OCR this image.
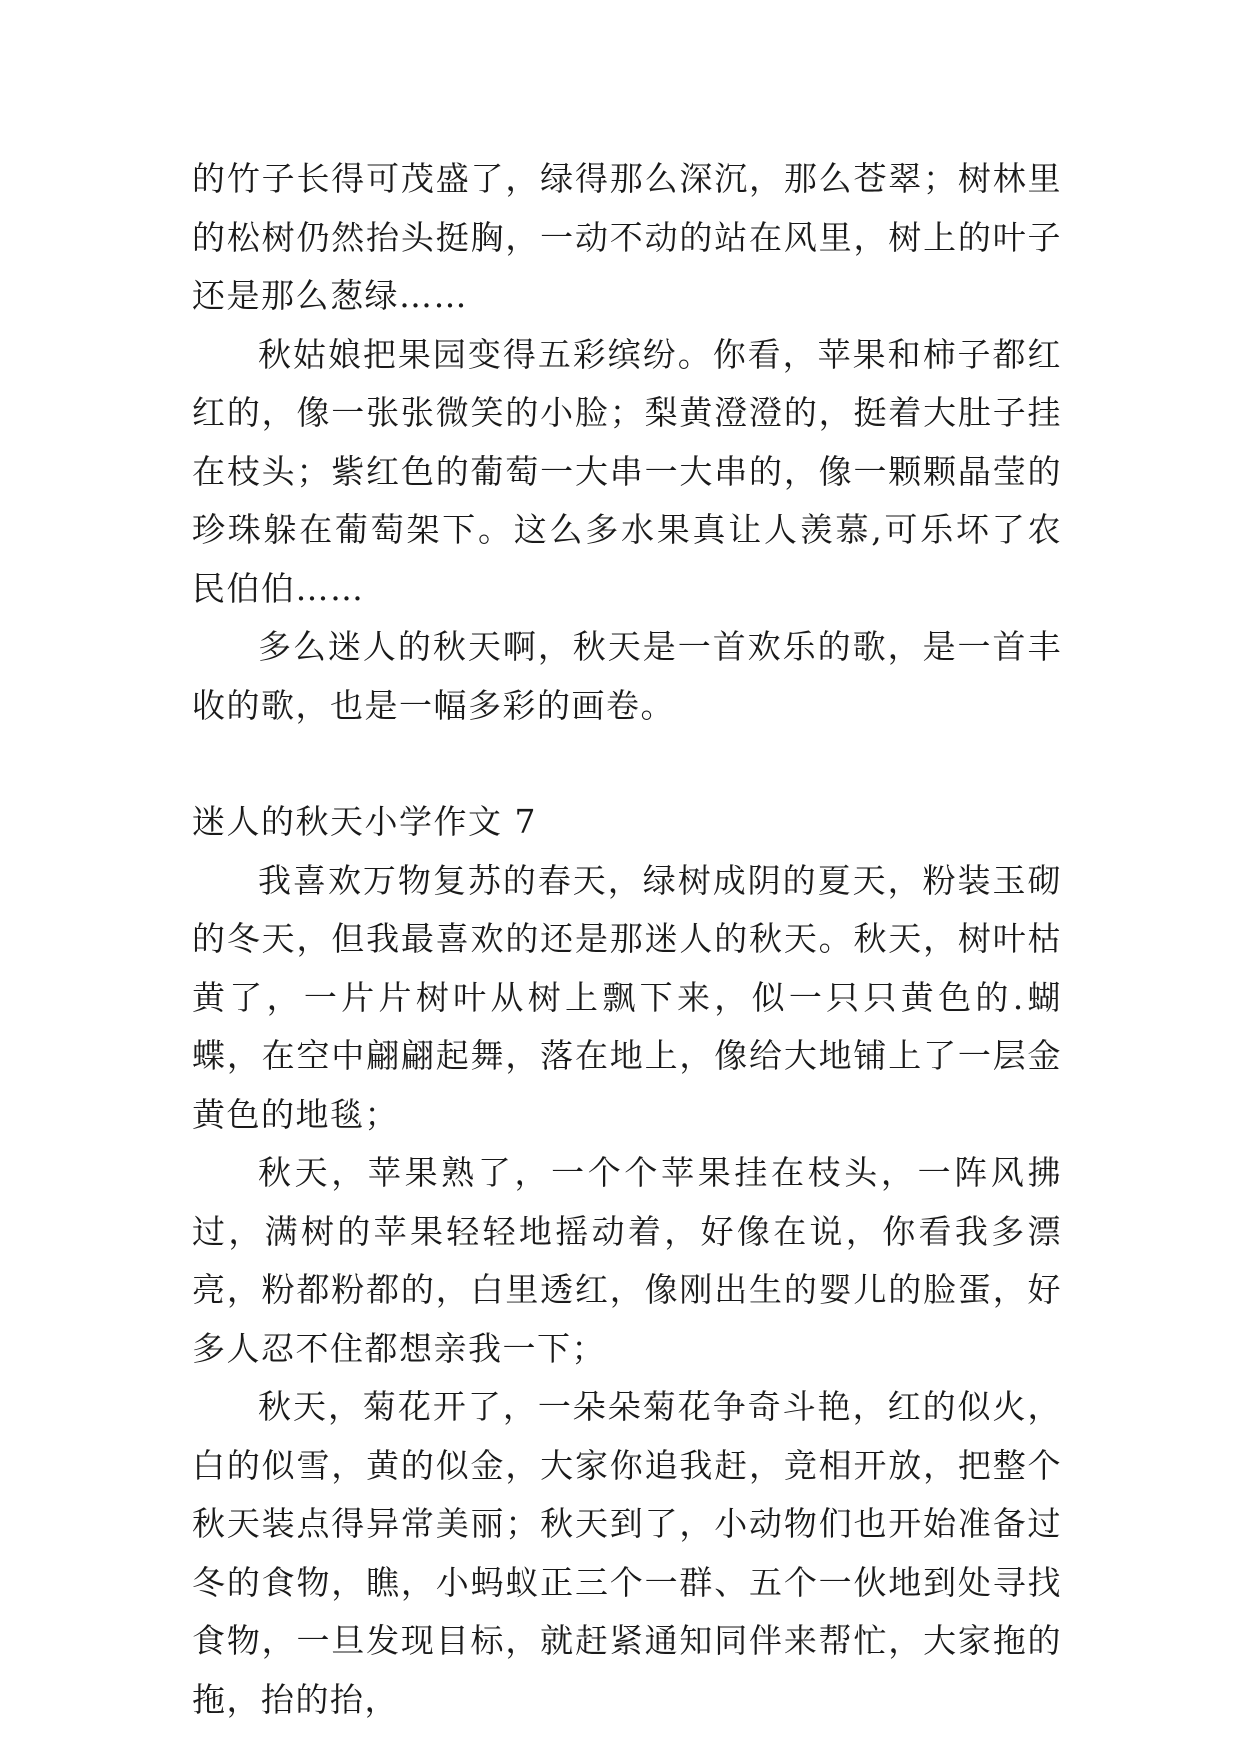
的竹子长得可茂盛了，绿得那么深沉，那么苍翠；树林里的松树仍然抬头挺胸，一动不动的站在风里，树上的叶子还是那么葱绿……

秋姑娘把果园变得五彩缤纷。你看，苹果和柿子都红红的，像一张张微笑的小脸；梨黄澄澄的，挺着大肚子挂在枝头；紫红色的葡萄一大串一大串的，像一颗颗晶莹的珍珠躲在葡萄架下。这么多水果真让人羡慕,可乐坏了农民伯伯……

多么迷人的秋天啊，秋天是一首欢乐的歌，是一首丰收的歌，也是一幅多彩的画卷。

迷人的秋天小学作文 7

我喜欢万物复苏的春天，绿树成阴的夏天，粉装玉砌的冬天，但我最喜欢的还是那迷人的秋天。秋天，树叶枯黄了，一片片树叶从树上飘下来，似一只只黄色的.蝴蝶，在空中翩翩起舞，落在地上，像给大地铺上了一层金黄色的地毯；

秋天，苹果熟了，一个个苹果挂在枝头，一阵风拂过，满树的苹果轻轻地摇动着，好像在说，你看我多漂亮，粉都粉都的，白里透红，像刚出生的婴儿的脸蛋，好多人忍不住都想亲我一下；

秋天，菊花开了，一朵朵菊花争奇斗艳，红的似火，白的似雪，黄的似金，大家你追我赶，竞相开放，把整个秋天装点得异常美丽；秋天到了，小动物们也开始准备过冬的食物，瞧，小蚂蚁正三个一群、五个一伙地到处寻找食物，一旦发现目标，就赶紧通知同伴来帮忙，大家拖的拖，抬的抬，
